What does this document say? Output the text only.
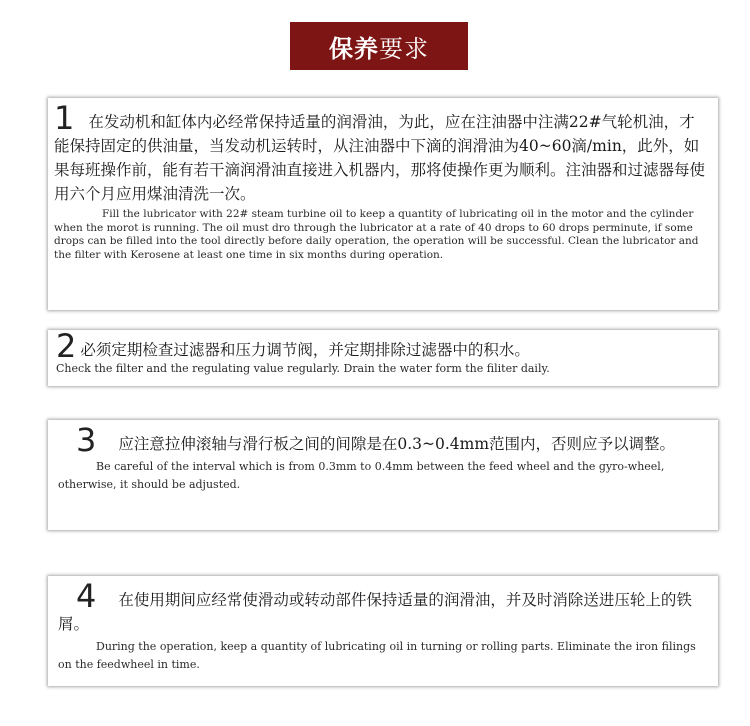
保养 要求
1 在发动机和缸体内必经常保持适量的润滑油，为此，应在注油器中注满22#气轮机油，才能保持固定的供油量，当发动机运转时，从注油器中下滴的润滑油为40~60滴/min，此外，如果每班操作前，能有若干滴润滑油直接进入机器内，那将使操作更为顺利。注油器和过滤器每使用六个月应用煤油清洗一次。
Fill the lubricator with 22# steam turbine oil to keep a quantity of lubricating oil in the motor and the cylinder when the morot is running. The oil must dro through the lubricator at a rate of 40 drops to 60 drops perminute, if some drops can be filled into the tool directly before daily operation, the operation will be successful. Clean the lubricator and the filter with Kerosene at least one time in six months during operation.
2 必须定期检查过滤器和压力调节阀，并定期排除过滤器中的积水。
Check the filter and the regulating value regularly. Drain the water form the filiter daily.
3 应注意拉伸滚轴与滑行板之间的间隙是在0.3~0.4mm范围内，否则应予以调整。
Be careful of the interval which is from 0.3mm to 0.4mm between the feed wheel and the gyro-wheel, otherwise, it should be adjusted.
4 在使用期间应经常使滑动或转动部件保持适量的润滑油，并及时消除送进压轮上的铁屑。
During the operation, keep a quantity of lubricating oil in turning or rolling parts. Eliminate the iron filings on the feedwheel in time.
